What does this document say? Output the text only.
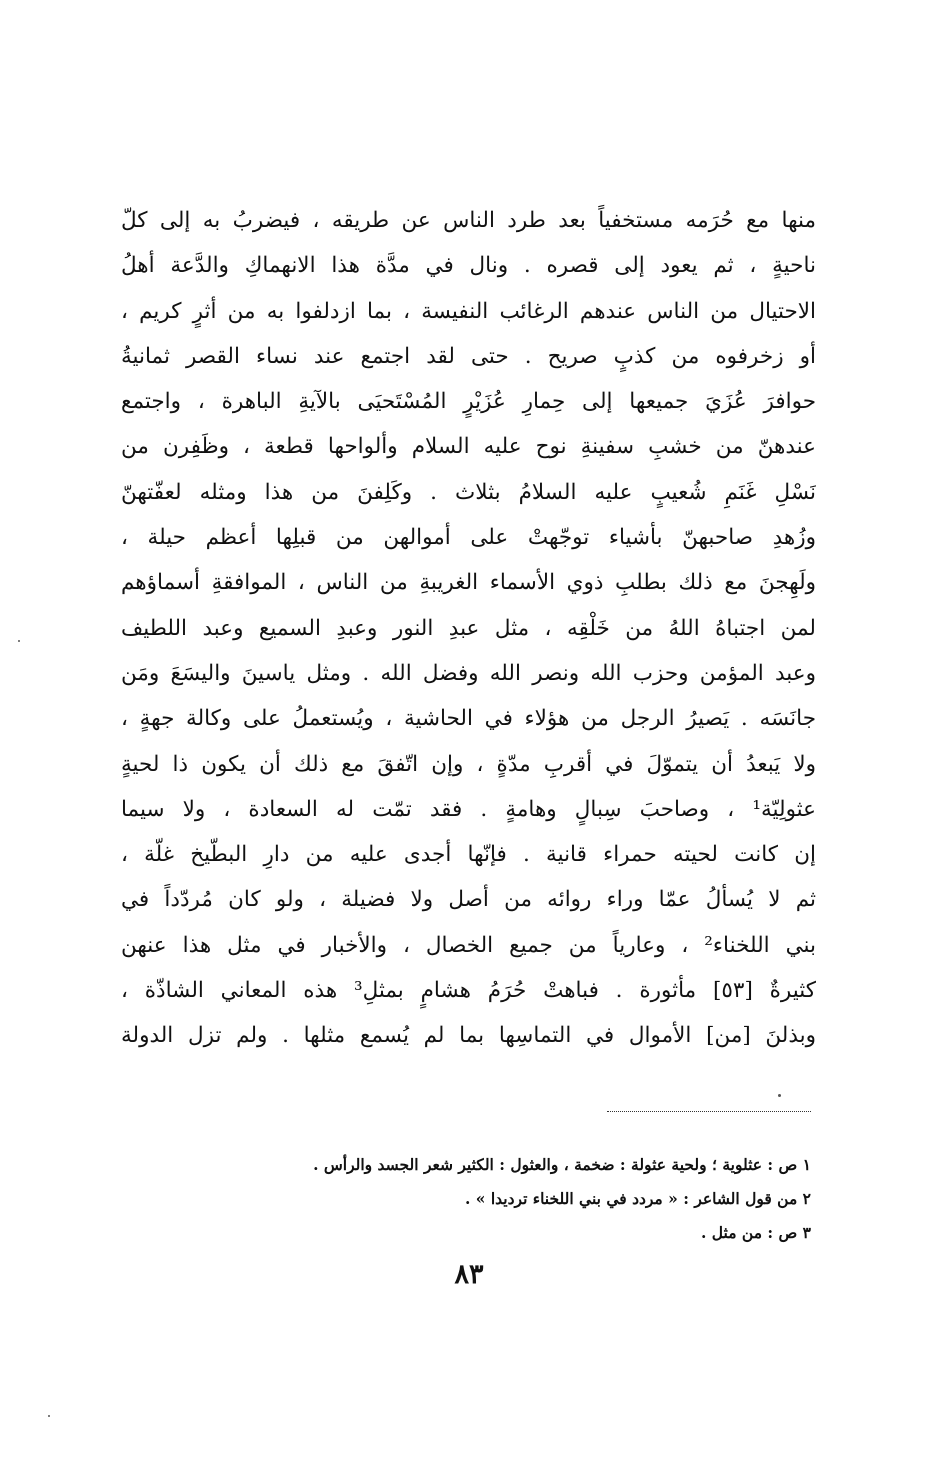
منها مع حُرَمه مستخفياً بعد طرد الناس عن طريقه ، فيضربُ به إلى كلّ
ناحيةٍ ، ثم يعود إلى قصره . ونال في مدَّة هذا الانهماكِ والدَّعة أهلُ
الاحتيال من الناس عندهم الرغائب النفيسة ، بما ازدلفوا به من أثرٍ كريم ،
أو زخرفوه من كذبٍ صريح . حتى لقد اجتمع عند نساء القصر ثمانيةُ
حوافرَ عُزَيَ جميعها إلى حِمارِ عُزَيْرٍ المُسْتَحيَى بالآيةِ الباهرة ، واجتمع
عندهنّ من خشبِ سفينةِ نوح عليه السلام وألواحها قطعة ، وظَفِرن من
نَسْلِ غَنَمِ شُعيبٍ عليه السلامُ بثلاث . وكَلِفنَ من هذا ومثله لعفّتهنّ
وزُهدِ صاحبهنّ بأشياء توجّهتْ على أموالهن من قبلِها أعظم حيلة ،
ولَهِجنَ مع ذلك بطلبِ ذوي الأسماء الغريبةِ من الناس ، الموافقةِ أسماؤهم
لمن اجتباهُ اللهُ من خَلْقِه ، مثل عبدِ النور وعبدِ السميع وعبد اللطيف
وعبد المؤمن وحزب الله ونصر الله وفضل الله . ومثل ياسينَ واليسَعَ ومَن
جانَسَه . يَصيرُ الرجل من هؤلاء في الحاشية ، ويُستعملُ على وكالة جهةٍ ،
ولا يَبعدُ أن يتموّلَ في أقربِ مدّةٍ ، وإن اتّفقَ مع ذلك أن يكون ذا لحيةٍ
عثولِيّة¹ ، وصاحبَ سِبالٍ وهامةٍ . فقد تمّت له السعادة ، ولا سيما
إن كانت لحيته حمراء قانية . فإنّها أجدى عليه من دارِ البطّيخ غلّة ،
ثم لا يُسألُ عمّا وراء روائه من أصل ولا فضيلة ، ولو كان مُردّداً في
بني اللخناء² ، وعارياً من جميع الخصال ، والأخبار في مثل هذا عنهن
كثيرةٌ [٥٣] مأثورة . فباهتْ حُرَمُ هشامٍ بمثلِ³ هذه المعاني الشاذّة ،
وبذلنَ [من] الأموال في التماسِها بما لم يُسمع مثلها . ولم تزل الدولة
١ ص : عثلوية ؛ ولحية عثولة : ضخمة ، والعثول : الكثير شعر الجسد والرأس .
٢ من قول الشاعر : « مردد في بني اللخناء ترديدا » .
٣ ص : من مثل .
٨٣
